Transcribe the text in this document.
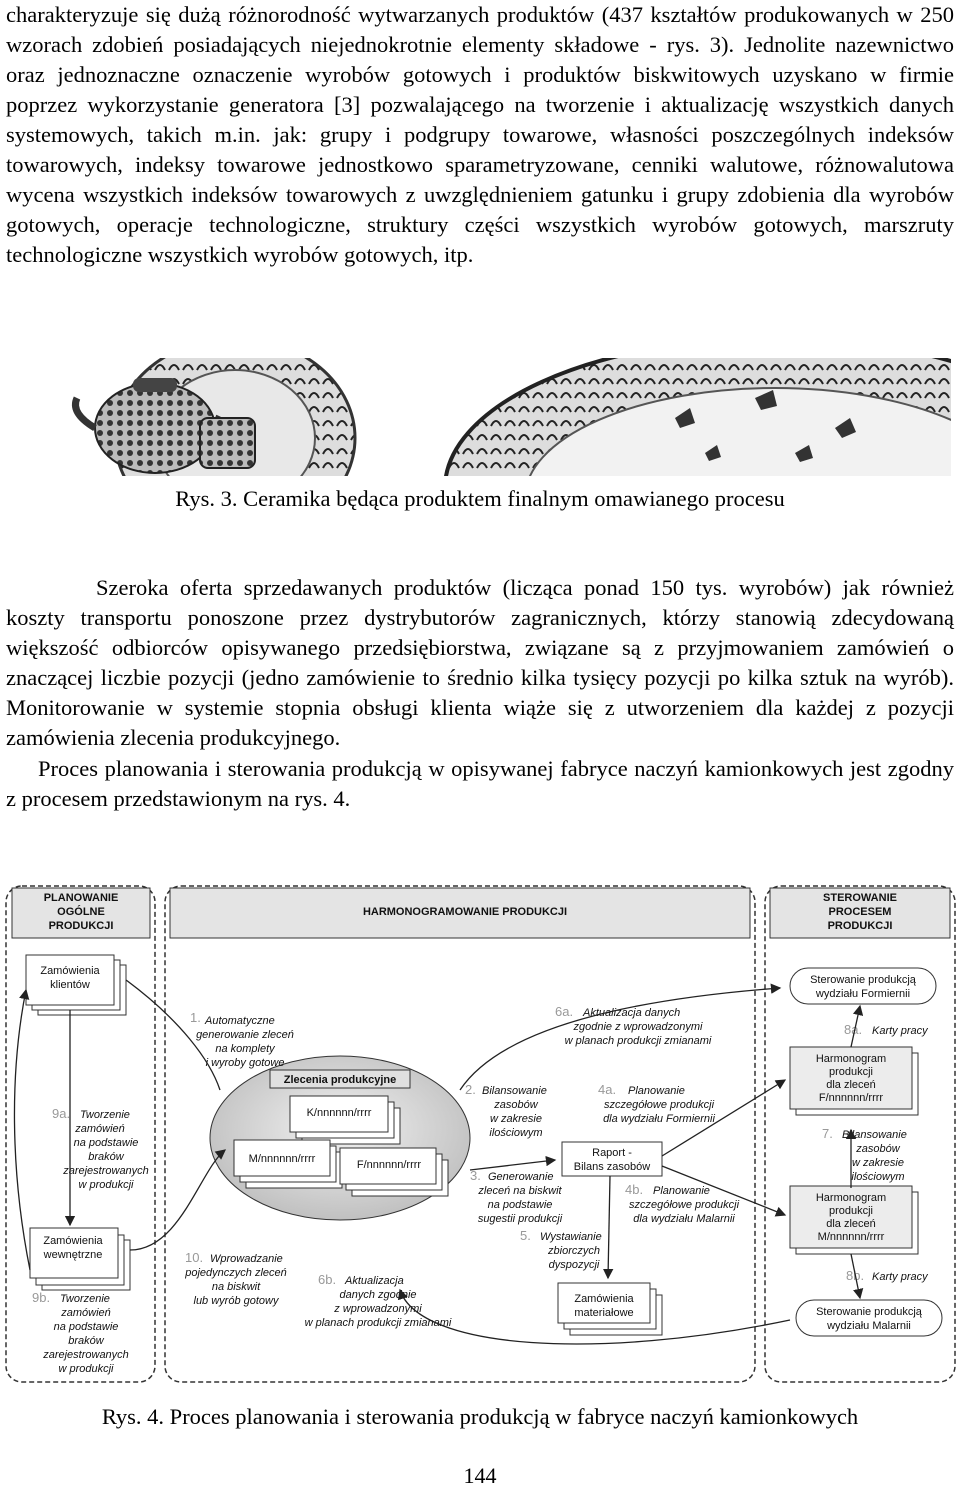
charakteryzuje się dużą różnorodność wytwarzanych produktów (437 kształtów produkowanych w 250 wzorach zdobień posiadających niejednokrotnie elementy składowe - rys. 3). Jednolite nazewnictwo oraz jednoznaczne oznaczenie wyrobów gotowych i produktów biskwitowych uzyskano w firmie poprzez wykorzystanie generatora [3] pozwalającego na tworzenie i aktualizację wszystkich danych systemowych, takich m.in. jak: grupy i podgrupy towarowe, własności poszczególnych indeksów towarowych, indeksy towarowe jednostkowo sparametryzowane, cenniki walutowe, różnowalutowa wycena wszystkich indeksów towarowych z uwzględnieniem gatunku i grupy zdobienia dla wyrobów gotowych, operacje technologiczne, struktury części wszystkich wyrobów gotowych, marszruty technologiczne wszystkich wyrobów gotowych, itp.

Rys. 3. Ceramika będąca produktem finalnym omawianego procesu

Szeroka oferta sprzedawanych produktów (licząca ponad 150 tys. wyrobów) jak również koszty transportu ponoszone przez dystrybutorów zagranicznych, którzy stanowią zdecydowaną większość odbiorców opisywanego przedsiębiorstwa, związane są z przyjmowaniem zamówień o znaczącej liczbie pozycji (jedno zamówienie to średnio kilka tysięcy pozycji po kilka sztuk na wyrób). Monitorowanie w systemie stopnia obsługi klienta wiąże się z utworzeniem dla każdej z pozycji zamówienia zlecenia produkcyjnego.

Proces planowania i sterowania produkcją w opisywanej fabryce naczyń kamionkowych jest zgodny z procesem przedstawionym na rys. 4.

PLANOWANIE
OGÓLNE
PRODUKCJI
HARMONOGRAMOWANIE PRODUKCJI
STEROWANIE
PROCESEM
PRODUKCJI
Zamówienia
klientów
Zamówienia
wewnętrzne
9a. Tworzenie
zamówień
na podstawie
braków
zarejestrowanych
w produkcji
9b. Tworzenie
zamówień
na podstawie
braków
zarejestrowanych
w produkcji
1. Automatyczne
generowanie zleceń
na komplety
i wyroby gotowe
Zlecenia produkcyjne
K/nnnnnn/rrrr
M/nnnnnn/rrrr	F/nnnnnn/rrrr
10. Wprowadzanie
pojedynczych zleceń
na biskwit
lub wyrób gotowy
6b. Aktualizacja
danych zgodnie
z wprowadzonymi
w planach produkcji zmianami
6a. Aktualizacja danych
zgodnie z wprowadzonymi
w planach produkcji zmianami
2. Bilansowanie
zasobów
w zakresie
ilościowym
3. Generowanie
zleceń na biskwit
na podstawie
sugestii produkcji
5. Wystawianie
zbiorczych
dyspozycji
Raport -
Bilans zasobów
4a. Planowanie
szczegółowe produkcji
dla wydziału Formiernii
4b. Planowanie
szczegółowe produkcji
dla wydziału Malarnii
Zamówienia
materiałowe
Sterowanie produkcją
wydziału Formiernii
8a. Karty pracy
Harmonogram
produkcji
dla zleceń
F/nnnnnn/rrrr
7. Bilansowanie
zasobów
w zakresie
ilościowym
Harmonogram
produkcji
dla zleceń
M/nnnnnn/rrrr
8b. Karty pracy
Sterowanie produkcją
wydziału Malarnii
Rys. 4. Proces planowania i sterowania produkcją w fabryce naczyń kamionkowych
144
